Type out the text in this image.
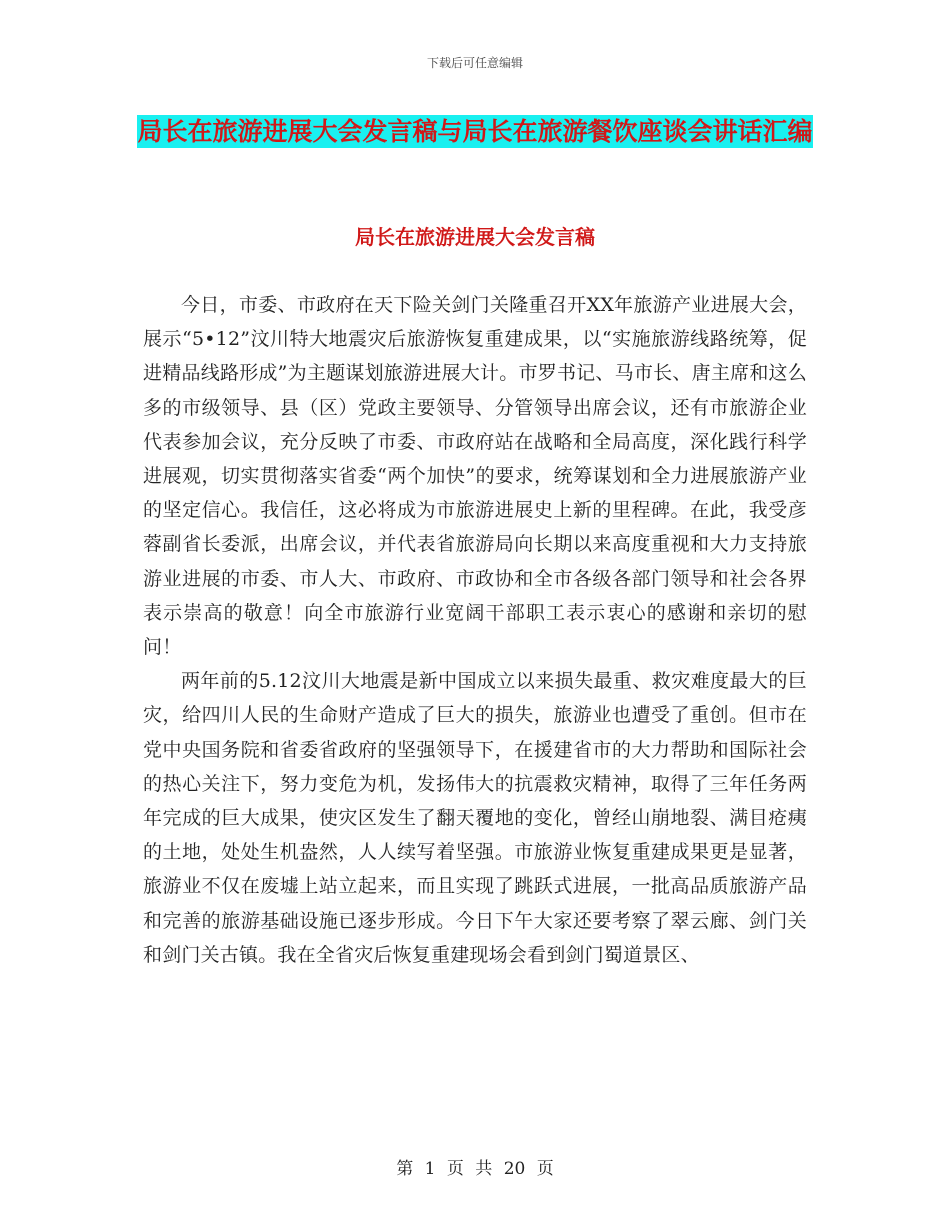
下载后可任意编辑
局长在旅游进展大会发言稿与局长在旅游餐饮座谈会讲话汇编
局长在旅游进展大会发言稿

今日，市委、市政府在天下险关剑门关隆重召开XX年旅游产业进展大会，展示“5•12”汶川特大地震灾后旅游恢复重建成果，以“实施旅游线路统筹，促进精品线路形成”为主题谋划旅游进展大计。市罗书记、马市长、唐主席和这么多的市级领导、县（区）党政主要领导、分管领导出席会议，还有市旅游企业代表参加会议，充分反映了市委、市政府站在战略和全局高度，深化践行科学进展观，切实贯彻落实省委“两个加快”的要求，统筹谋划和全力进展旅游产业的坚定信心。我信任，这必将成为市旅游进展史上新的里程碑。在此，我受彦蓉副省长委派，出席会议，并代表省旅游局向长期以来高度重视和大力支持旅游业进展的市委、市人大、市政府、市政协和全市各级各部门领导和社会各界表示崇高的敬意！向全市旅游行业宽阔干部职工表示衷心的感谢和亲切的慰问！

两年前的5.12汶川大地震是新中国成立以来损失最重、救灾难度最大的巨灾，给四川人民的生命财产造成了巨大的损失，旅游业也遭受了重创。但市在党中央国务院和省委省政府的坚强领导下，在援建省市的大力帮助和国际社会的热心关注下，努力变危为机，发扬伟大的抗震救灾精神，取得了三年任务两年完成的巨大成果，使灾区发生了翻天覆地的变化，曾经山崩地裂、满目疮痍的土地，处处生机盎然，人人续写着坚强。市旅游业恢复重建成果更是显著，旅游业不仅在废墟上站立起来，而且实现了跳跃式进展，一批高品质旅游产品和完善的旅游基础设施已逐步形成。今日下午大家还要考察了翠云廊、剑门关和剑门关古镇。我在全省灾后恢复重建现场会看到剑门蜀道景区、

第 1 页 共 20 页
